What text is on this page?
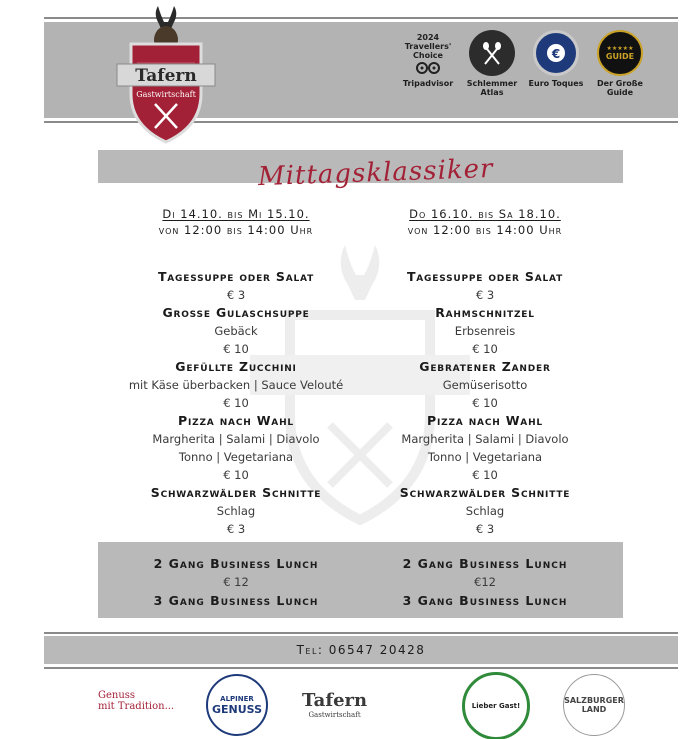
Tafern
Gastwirtschaft
2024
Travellers'
Choice
Tripadvisor	Schlemmer Atlas
€
Euro Toques
★★★★★
GUIDE
Der Große Guide
Mittagsklassiker
Di 14.10. bis Mi 15.10.
von 12:00 bis 14:00 Uhr
Tagessuppe oder Salat
€ 3
Grosse Gulaschsuppe
Gebäck
€ 10
Gefüllte Zucchini
mit Käse überbacken | Sauce Velouté
€ 10
Pizza nach Wahl
Margherita | Salami | Diavolo
Tonno | Vegetariana
€ 10
Schwarzwälder Schnitte
Schlag
€ 3
Do 16.10. bis Sa 18.10.
von 12:00 bis 14:00 Uhr
Tagessuppe oder Salat
€ 3
Rahmschnitzel
Erbsenreis
€ 10
Gebratener Zander
Gemüserisotto
€ 10
Pizza nach Wahl
Margherita | Salami | Diavolo
Tonno | Vegetariana
€ 10
Schwarzwälder Schnitte
Schlag
€ 3
2 Gang Business Lunch
€ 12
3 Gang Business Lunch
2 Gang Business Lunch
€12
3 Gang Business Lunch
Tel: 06547 20428
Genuss
mit Tradition...
ALPINER
GENUSS Tafern
Gastwirtschaft
Lieber Gast!
SALZBURGER LAND
